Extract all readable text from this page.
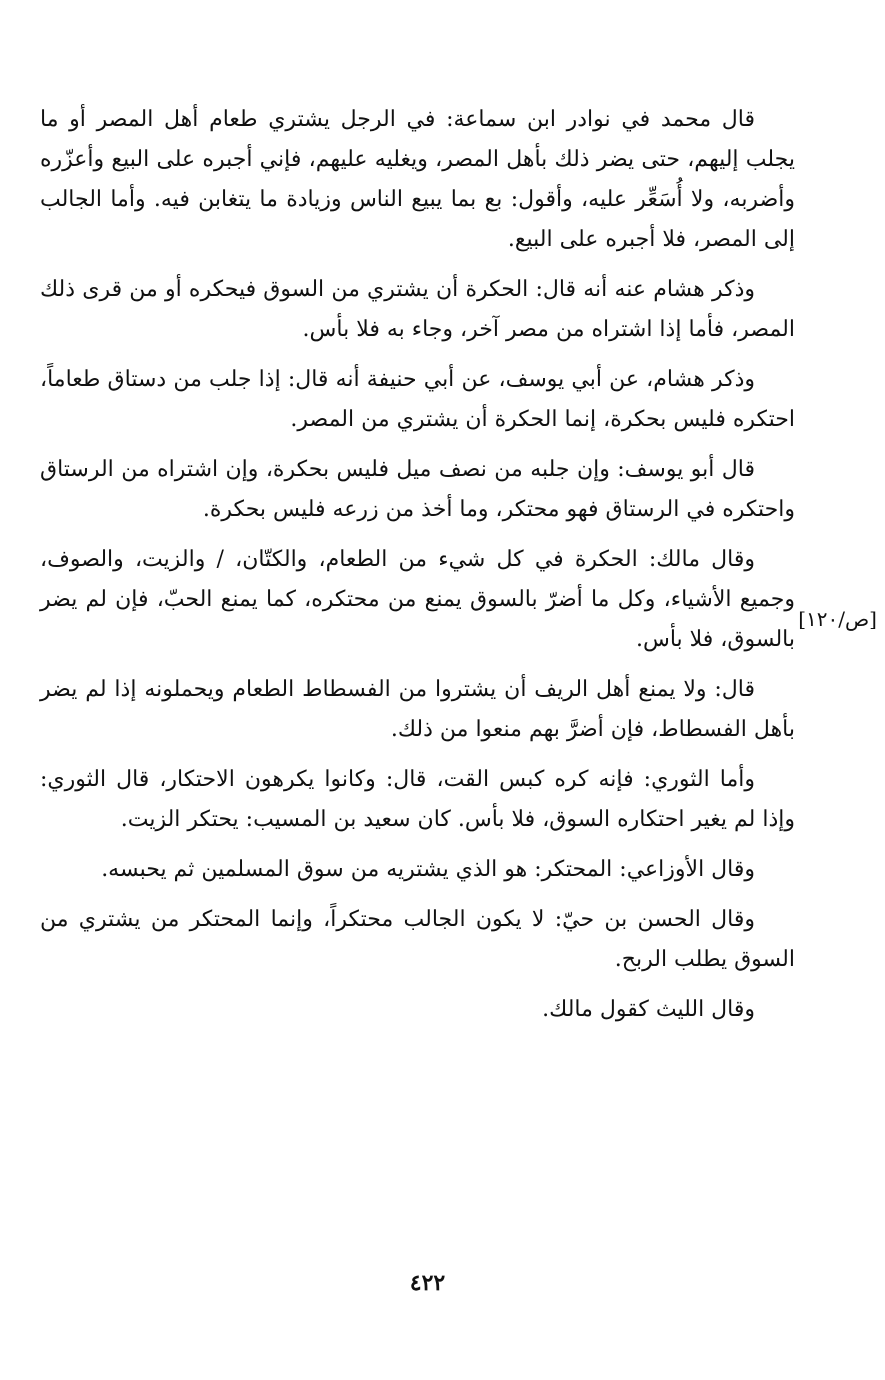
[ص/١٢٠]

قال محمد في نوادر ابن سماعة: في الرجل يشتري طعام أهل المصر أو ما يجلب إليهم، حتى يضر ذلك بأهل المصر، ويغليه عليهم، فإني أجبره على البيع وأعزّره وأضربه، ولا أُسَعِّر عليه، وأقول: بع بما يبيع الناس وزيادة ما يتغابن فيه. وأما الجالب إلى المصر، فلا أجبره على البيع.

وذكر هشام عنه أنه قال: الحكرة أن يشتري من السوق فيحكره أو من قرى ذلك المصر، فأما إذا اشتراه من مصر آخر، وجاء به فلا بأس.

وذكر هشام، عن أبي يوسف، عن أبي حنيفة أنه قال: إذا جلب من دستاق طعاماً، احتكره فليس بحكرة، إنما الحكرة أن يشتري من المصر.

قال أبو يوسف: وإن جلبه من نصف ميل فليس بحكرة، وإن اشتراه من الرستاق واحتكره في الرستاق فهو محتكر، وما أخذ من زرعه فليس بحكرة.

وقال مالك: الحكرة في كل شيء من الطعام، والكتّان، / والزيت، والصوف، وجميع الأشياء، وكل ما أضرّ بالسوق يمنع من محتكره، كما يمنع الحبّ، فإن لم يضر بالسوق، فلا بأس.

قال: ولا يمنع أهل الريف أن يشتروا من الفسطاط الطعام ويحملونه إذا لم يضر بأهل الفسطاط، فإن أضرَّ بهم منعوا من ذلك.

وأما الثوري: فإنه كره كبس القت، قال: وكانوا يكرهون الاحتكار، قال الثوري: وإذا لم يغير احتكاره السوق، فلا بأس. كان سعيد بن المسيب: يحتكر الزيت.

وقال الأوزاعي: المحتكر: هو الذي يشتريه من سوق المسلمين ثم يحبسه.

وقال الحسن بن حيّ: لا يكون الجالب محتكراً، وإنما المحتكر من يشتري من السوق يطلب الربح.

وقال الليث كقول مالك.

٤٢٢
